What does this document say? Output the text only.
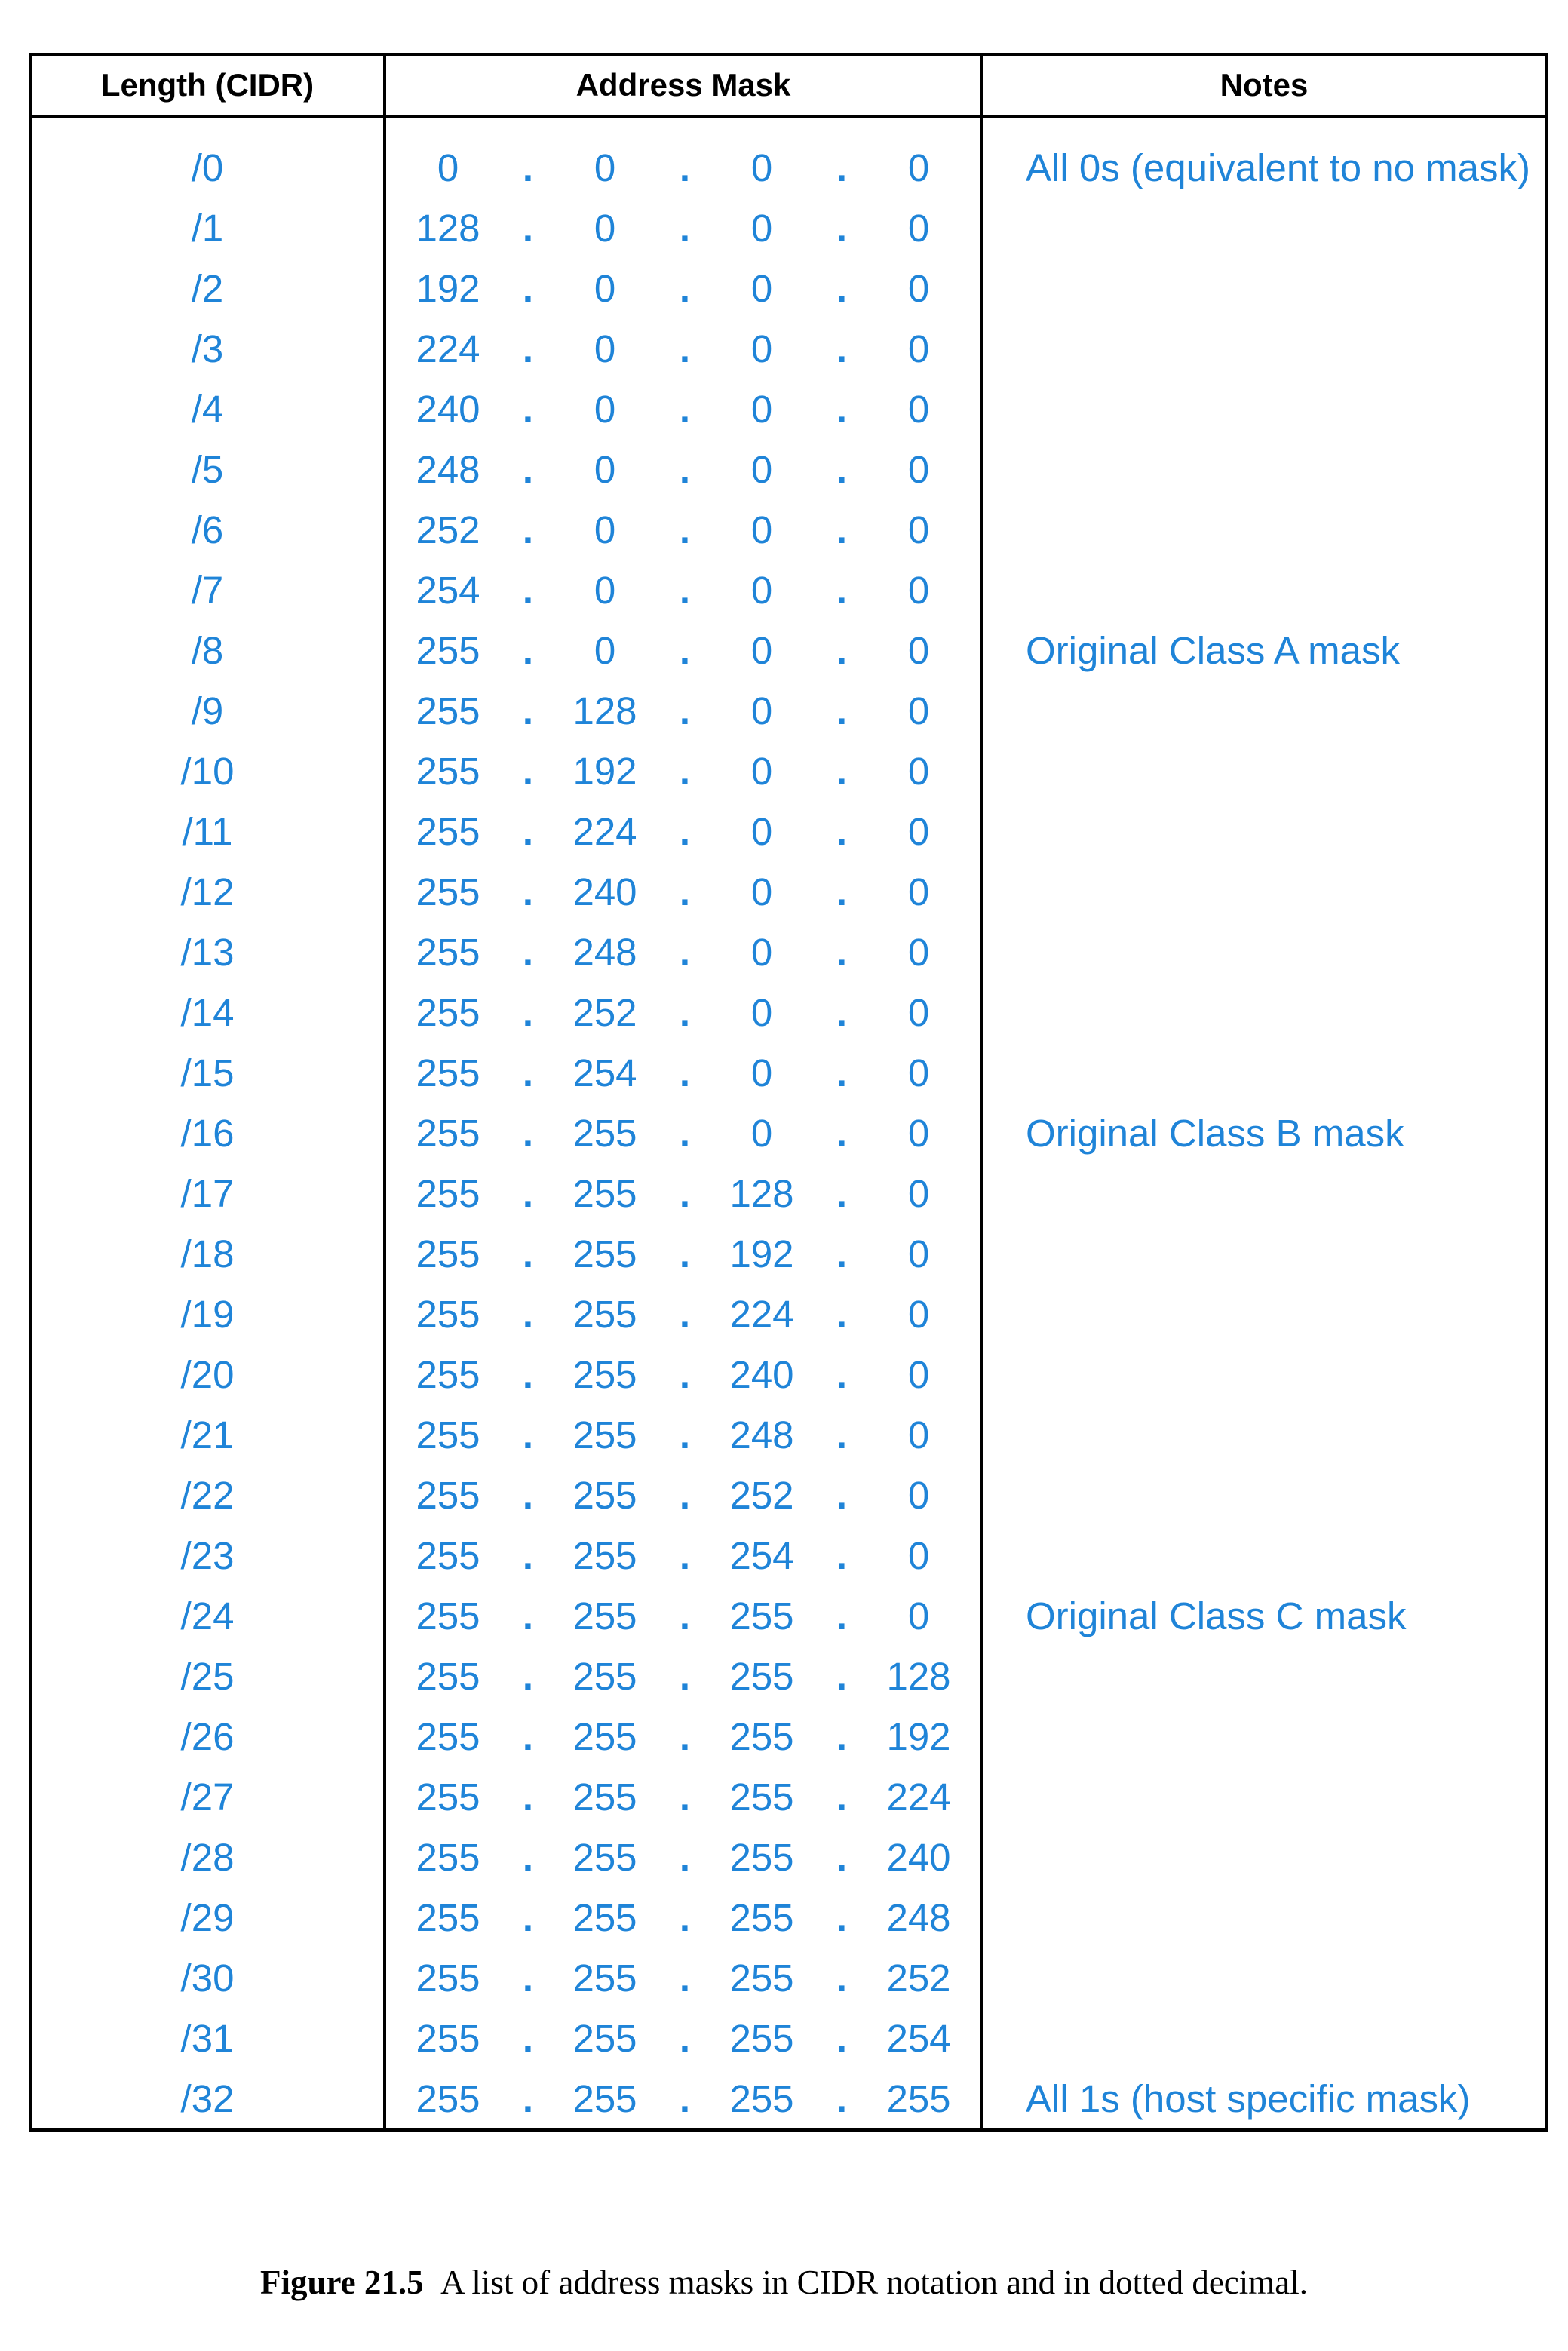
Length (CIDR)	Address Mask	Notes
/0	0	.	0	.	0	.	0	All 0s (equivalent to no mask)
/1	128	.	0	.	0	.	0
/2	192	.	0	.	0	.	0
/3	224	.	0	.	0	.	0
/4	240	.	0	.	0	.	0
/5	248	.	0	.	0	.	0
/6	252	.	0	.	0	.	0
/7	254	.	0	.	0	.	0
/8	255	.	0	.	0	.	0	Original Class A mask
/9	255	.	128	.	0	.	0
/10	255	.	192	.	0	.	0
/11	255	.	224	.	0	.	0
/12	255	.	240	.	0	.	0
/13	255	.	248	.	0	.	0
/14	255	.	252	.	0	.	0
/15	255	.	254	.	0	.	0
/16	255	.	255	.	0	.	0	Original Class B mask
/17	255	.	255	.	128	.	0
/18	255	.	255	.	192	.	0
/19	255	.	255	.	224	.	0
/20	255	.	255	.	240	.	0
/21	255	.	255	.	248	.	0
/22	255	.	255	.	252	.	0
/23	255	.	255	.	254	.	0
/24	255	.	255	.	255	.	0	Original Class C mask
/25	255	.	255	.	255	.	128
/26	255	.	255	.	255	.	192
/27	255	.	255	.	255	.	224
/28	255	.	255	.	255	.	240
/29	255	.	255	.	255	.	248
/30	255	.	255	.	255	.	252
/31	255	.	255	.	255	.	254
/32	255	.	255	.	255	.	255	All 1s (host specific mask)
Figure 21.5 A list of address masks in CIDR notation and in dotted decimal.
